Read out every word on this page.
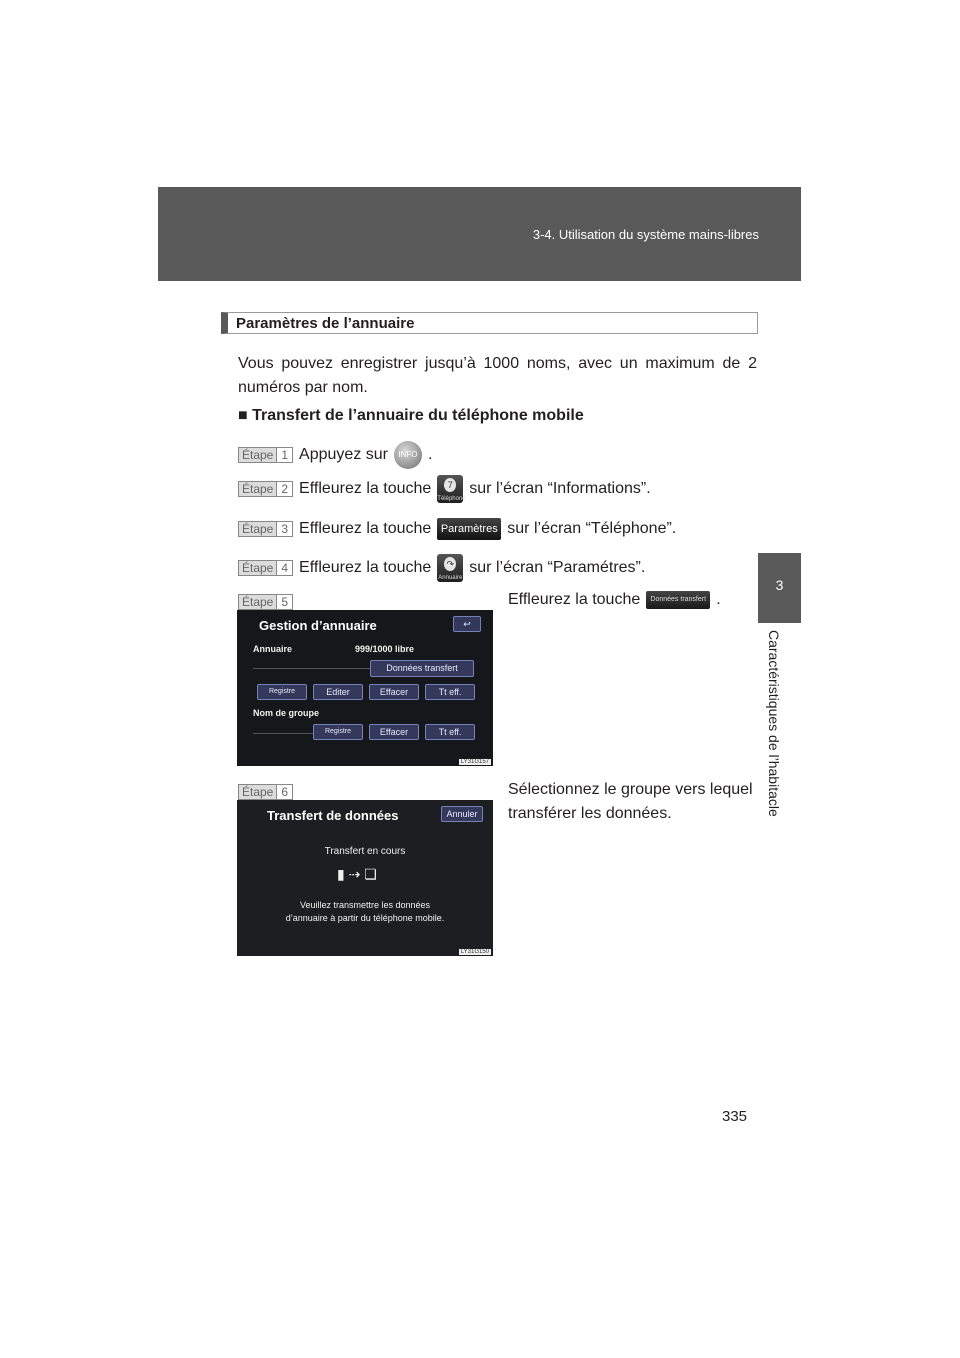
3-4. Utilisation du système mains-libres
3
Caractéristiques de l’habitacle
Paramètres de l’annuaire
Vous pouvez enregistrer jusqu’à 1000 noms, avec un maximum de 2 numéros par nom.
■ Transfert de l’annuaire du téléphone mobile
Étape 1 Appuyez sur	INFO .
Étape 2 Effleurez la touche	7
Téléphone
sur l’écran “Informations”.
Étape 3 Effleurez la touche Paramètres sur l’écran “Téléphone”.
Étape 4 Effleurez la touche ↷
Annuaire
sur l’écran “Paramétres”.
Étape 5	Effleurez la touche	Données transfert .
Gestion d’annuaire	↩
Annuaire	999/1000 libre
Données transfert
Registre	Editer	Effacer	Tt eff.
Nom de groupe
Registre	Effacer	Tt eff.
LY31G157
Étape 6	Sélectionnez le groupe vers lequel transférer les données.
Transfert de données	Annuler
Transfert en cours
▮ ⇢ ❏
Veuillez transmettre les données
d’annuaire à partir du téléphone mobile.
LY31G150
335
